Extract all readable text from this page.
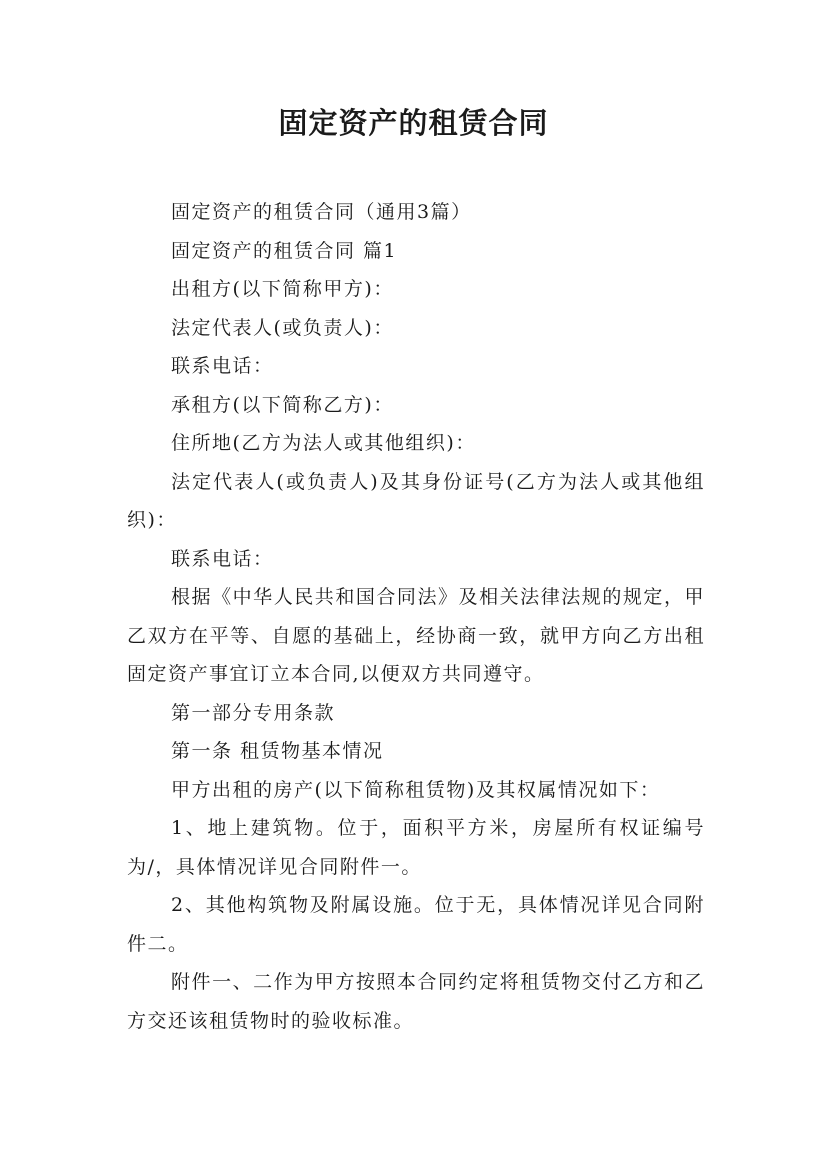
固定资产的租赁合同

固定资产的租赁合同（通用3篇）

固定资产的租赁合同 篇1

出租方(以下简称甲方)：

法定代表人(或负责人)：

联系电话：

承租方(以下简称乙方)：

住所地(乙方为法人或其他组织)：

法定代表人(或负责人)及其身份证号(乙方为法人或其他组织)：

联系电话：

根据《中华人民共和国合同法》及相关法律法规的规定，甲乙双方在平等、自愿的基础上，经协商一致，就甲方向乙方出租固定资产事宜订立本合同,以便双方共同遵守。

第一部分专用条款

第一条 租赁物基本情况

甲方出租的房产(以下简称租赁物)及其权属情况如下：

1、地上建筑物。位于，面积平方米，房屋所有权证编号为/，具体情况详见合同附件一。

2、其他构筑物及附属设施。位于无，具体情况详见合同附件二。

附件一、二作为甲方按照本合同约定将租赁物交付乙方和乙方交还该租赁物时的验收标准。
